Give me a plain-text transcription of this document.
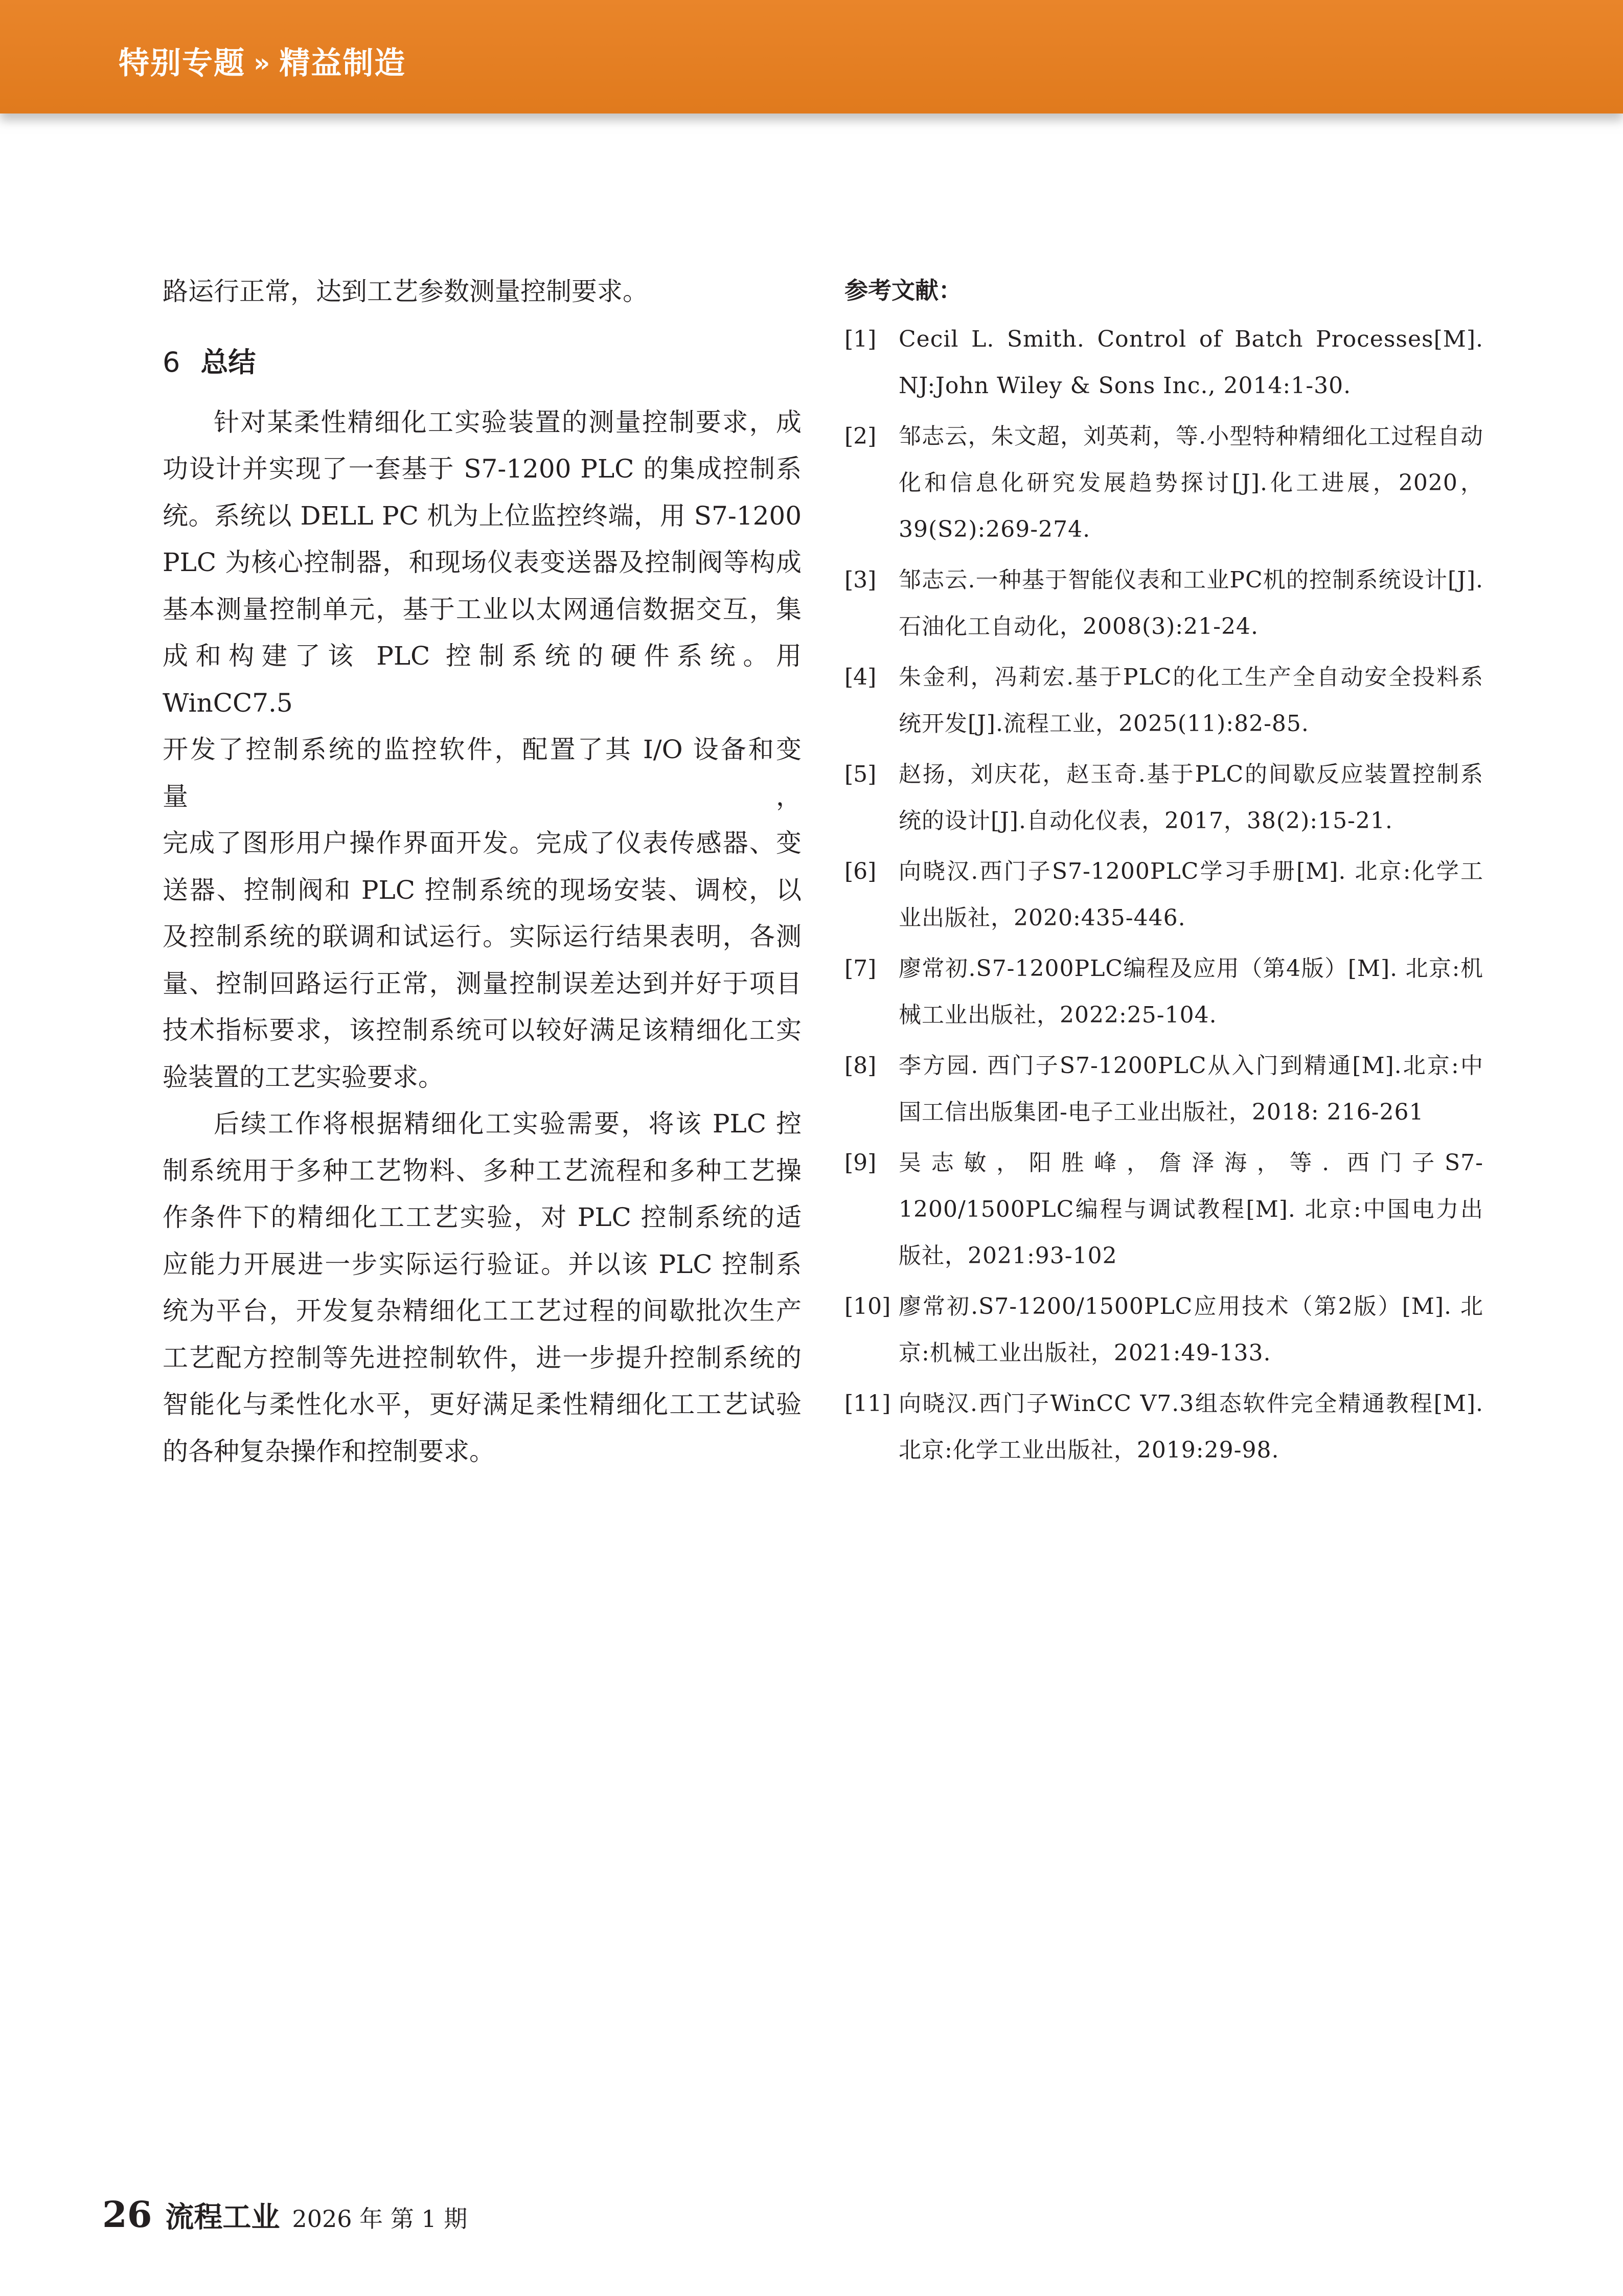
特别专题 » 精益制造

路运行正常，达到工艺参数测量控制要求。

6 总结

针对某柔性精细化工实验装置的测量控制要求，成

功设计并实现了一套基于 S7-1200 PLC 的集成控制系

统。系统以 DELL PC 机为上位监控终端，用 S7-1200

PLC 为核心控制器，和现场仪表变送器及控制阀等构成

基本测量控制单元，基于工业以太网通信数据交互，集

成和构建了该 PLC 控制系统的硬件系统。用 WinCC7.5

开发了控制系统的监控软件，配置了其 I/O 设备和变量，

完成了图形用户操作界面开发。完成了仪表传感器、变

送器、控制阀和 PLC 控制系统的现场安装、调校，以

及控制系统的联调和试运行。实际运行结果表明，各测

量、控制回路运行正常，测量控制误差达到并好于项目

技术指标要求，该控制系统可以较好满足该精细化工实

验装置的工艺实验要求。

后续工作将根据精细化工实验需要，将该 PLC 控

制系统用于多种工艺物料、多种工艺流程和多种工艺操

作条件下的精细化工工艺实验，对 PLC 控制系统的适

应能力开展进一步实际运行验证。并以该 PLC 控制系

统为平台，开发复杂精细化工工艺过程的间歇批次生产

工艺配方控制等先进控制软件，进一步提升控制系统的

智能化与柔性化水平，更好满足柔性精细化工工艺试验

的各种复杂操作和控制要求。

参考文献：
[1] Cecil L. Smith. Control of Batch Processes[M]. NJ:John Wiley & Sons Inc., 2014:1-30.
[2] 邹志云，朱文超，刘英莉，等.小型特种精细化工过程自动化和信息化研究发展趋势探讨[J].化工进展，2020，39(S2):269-274.
[3] 邹志云.一种基于智能仪表和工业PC机的控制系统设计[J].石油化工自动化，2008(3):21-24.
[4] 朱金利，冯莉宏.基于PLC的化工生产全自动安全投料系统开发[J].流程工业，2025(11):82-85.
[5] 赵扬，刘庆花，赵玉奇.基于PLC的间歇反应装置控制系统的设计[J].自动化仪表，2017，38(2):15-21.
[6] 向晓汉.西门子S7-1200PLC学习手册[M]. 北京:化学工业出版社，2020:435-446.
[7] 廖常初.S7-1200PLC编程及应用（第4版）[M]. 北京:机械工业出版社，2022:25-104.
[8] 李方园. 西门子S7-1200PLC从入门到精通[M].北京:中国工信出版集团-电子工业出版社，2018: 216-261
[9] 吴志敏，阳胜峰，詹泽海，等. 西门子S7-1200/1500PLC编程与调试教程[M]. 北京:中国电力出版社，2021:93-102
[10] 廖常初.S7-1200/1500PLC应用技术（第2版）[M]. 北京:机械工业出版社，2021:49-133.
[11] 向晓汉.西门子WinCC V7.3组态软件完全精通教程[M]. 北京:化学工业出版社，2019:29-98.
26 流程工业 2026 年 第 1 期
